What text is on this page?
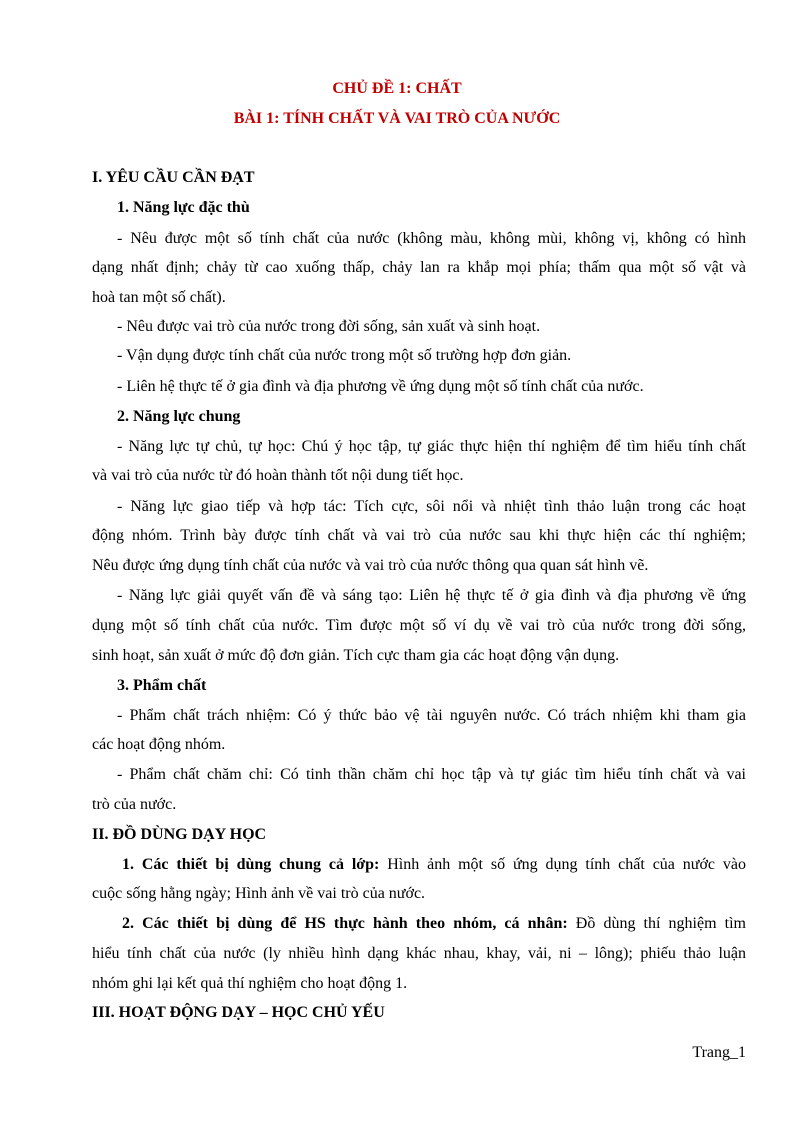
CHỦ ĐỀ 1: CHẤT
BÀI 1: TÍNH CHẤT VÀ VAI TRÒ CỦA NƯỚC
I. YÊU CẦU CẦN ĐẠT
1. Năng lực đặc thù
- Nêu được một số tính chất của nước (không màu, không mùi, không vị, không có hình
dạng nhất định; chảy từ cao xuống thấp, chảy lan ra khắp mọi phía; thấm qua một số vật và
hoà tan một số chất).
- Nêu được vai trò của nước trong đời sống, sản xuất và sinh hoạt.
- Vận dụng được tính chất của nước trong một số trường hợp đơn giản.
- Liên hệ thực tế ở gia đình và địa phương về ứng dụng một số tính chất của nước.
2. Năng lực chung
- Năng lực tự chủ, tự học: Chú ý học tập, tự giác thực hiện thí nghiệm để tìm hiểu tính chất
và vai trò của nước từ đó hoàn thành tốt nội dung tiết học.
- Năng lực giao tiếp và hợp tác: Tích cực, sôi nổi và nhiệt tình thảo luận trong các hoạt
động nhóm. Trình bày được tính chất và vai trò của nước sau khi thực hiện các thí nghiệm;
Nêu được ứng dụng tính chất của nước và vai trò của nước thông qua quan sát hình vẽ.
- Năng lực giải quyết vấn đề và sáng tạo: Liên hệ thực tế ở gia đình và địa phương về ứng
dụng một số tính chất của nước. Tìm được một số ví dụ về vai trò của nước trong đời sống,
sinh hoạt, sản xuất ở mức độ đơn giản. Tích cực tham gia các hoạt động vận dụng.
3. Phẩm chất
- Phẩm chất trách nhiệm: Có ý thức bảo vệ tài nguyên nước. Có trách nhiệm khi tham gia
các hoạt động nhóm.
- Phẩm chất chăm chỉ: Có tinh thần chăm chỉ học tập và tự giác tìm hiểu tính chất và vai
trò của nước.
II. ĐỒ DÙNG DẠY HỌC
1. Các thiết bị dùng chung cả lớp: Hình ảnh một số ứng dụng tính chất của nước vào
cuộc sống hằng ngày; Hình ảnh về vai trò của nước.
2. Các thiết bị dùng để HS thực hành theo nhóm, cá nhân: Đồ dùng thí nghiệm tìm
hiểu tính chất của nước (ly nhiều hình dạng khác nhau, khay, vải, ni – lông); phiếu thảo luận
nhóm ghi lại kết quả thí nghiệm cho hoạt động 1.
III. HOẠT ĐỘNG DẠY – HỌC CHỦ YẾU
Trang_1
